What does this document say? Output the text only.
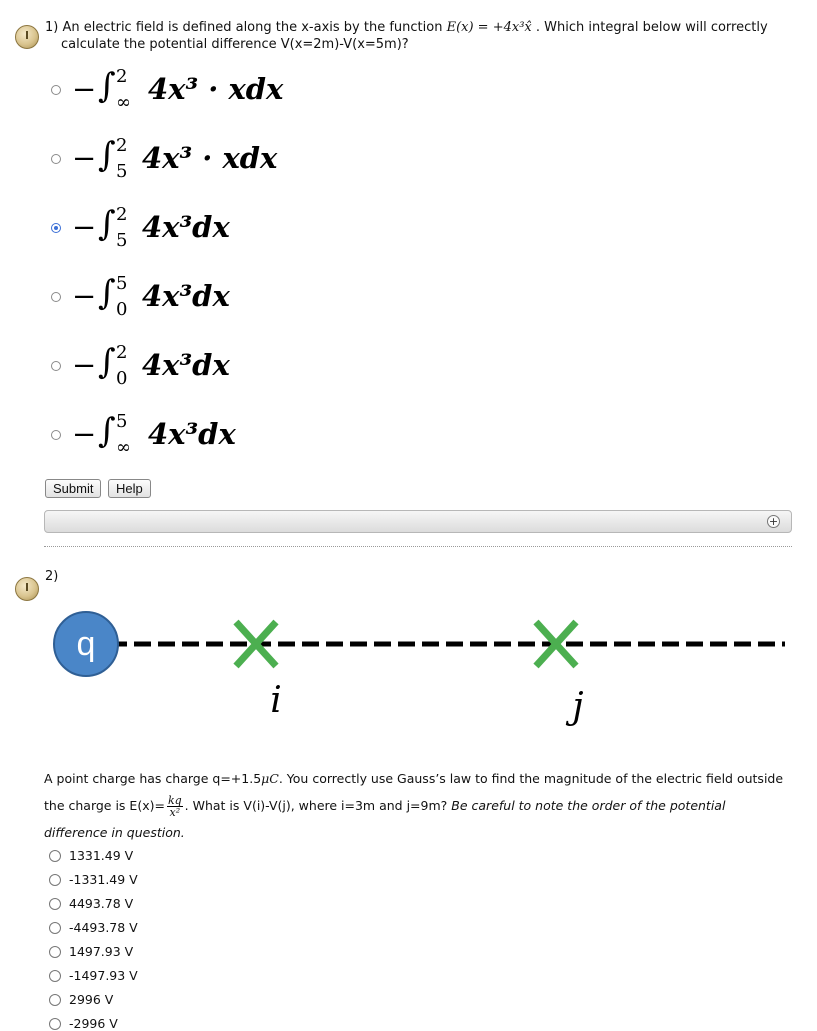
1) An electric field is defined along the x-axis by the function E(x) = +4x³x̂ . Which integral below will correctly
calculate the potential difference V(x=2m)-V(x=5m)?
− ∫ 2
∞ 4x³ · xdx
− ∫ 2
5 4x³ · xdx
− ∫ 2
5 4x³dx
− ∫ 5
0 4x³dx
− ∫ 2
0 4x³dx
− ∫ 5
∞ 4x³dx
Submit	Help
+
2)
q
i	j
A point charge has charge q=+1.5μC. You correctly use Gauss’s law to find the magnitude of the electric field outside
the charge is $E(x)= \frac{kq}{\text{x²}}$ . What is V(i)-V(j), where i=3m and j=9m? Be careful to note the order of the potential
difference in question.
1331.49 V
-1331.49 V
4493.78 V
-4493.78 V
1497.93 V
-1497.93 V
2996 V
-2996 V
